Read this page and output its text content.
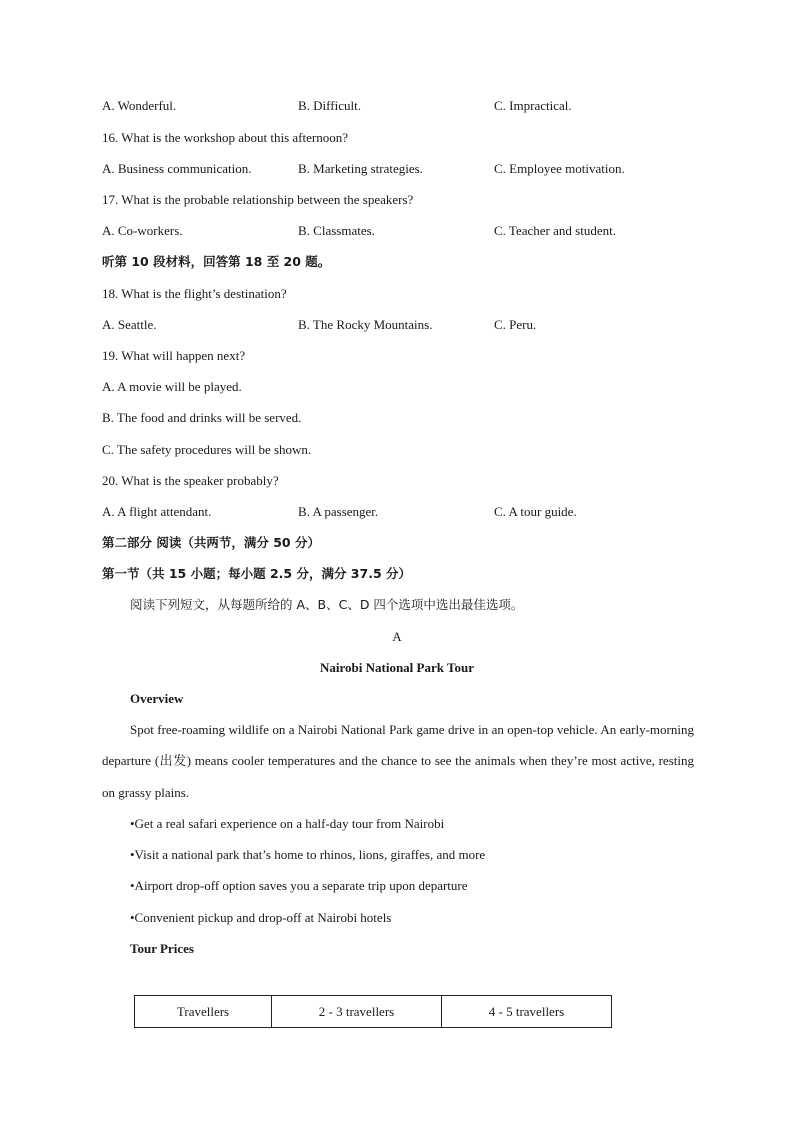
A. Wonderful.	B. Difficult.	C. Impractical.
16. What is the workshop about this afternoon?
A. Business communication.	B. Marketing strategies.	C. Employee motivation.
17. What is the probable relationship between the speakers?
A. Co-workers.	B. Classmates.	C. Teacher and student.
听第 10 段材料，回答第 18 至 20 题。
18. What is the flight’s destination?
A. Seattle.	B. The Rocky Mountains.	C. Peru.
19. What will happen next?
A. A movie will be played.
B. The food and drinks will be served.
C. The safety procedures will be shown.
20. What is the speaker probably?
A. A flight attendant.	B. A passenger.	C. A tour guide.
第二部分 阅读（共两节，满分 50 分）
第一节（共 15 小题；每小题 2.5 分，满分 37.5 分）
阅读下列短文，从每题所给的 A、B、C、D 四个选项中选出最佳选项。
A
Nairobi National Park Tour
Overview
Spot free-roaming wildlife on a Nairobi National Park game drive in an open-top vehicle. An early-morning departure (出发) means cooler temperatures and the chance to see the animals when they’re most active, resting on grassy plains.
•Get a real safari experience on a half-day tour from Nairobi
•Visit a national park that’s home to rhinos, lions, giraffes, and more
•Airport drop-off option saves you a separate trip upon departure
•Convenient pickup and drop-off at Nairobi hotels
Tour Prices
Travellers	2 - 3 travellers	4 - 5 travellers
